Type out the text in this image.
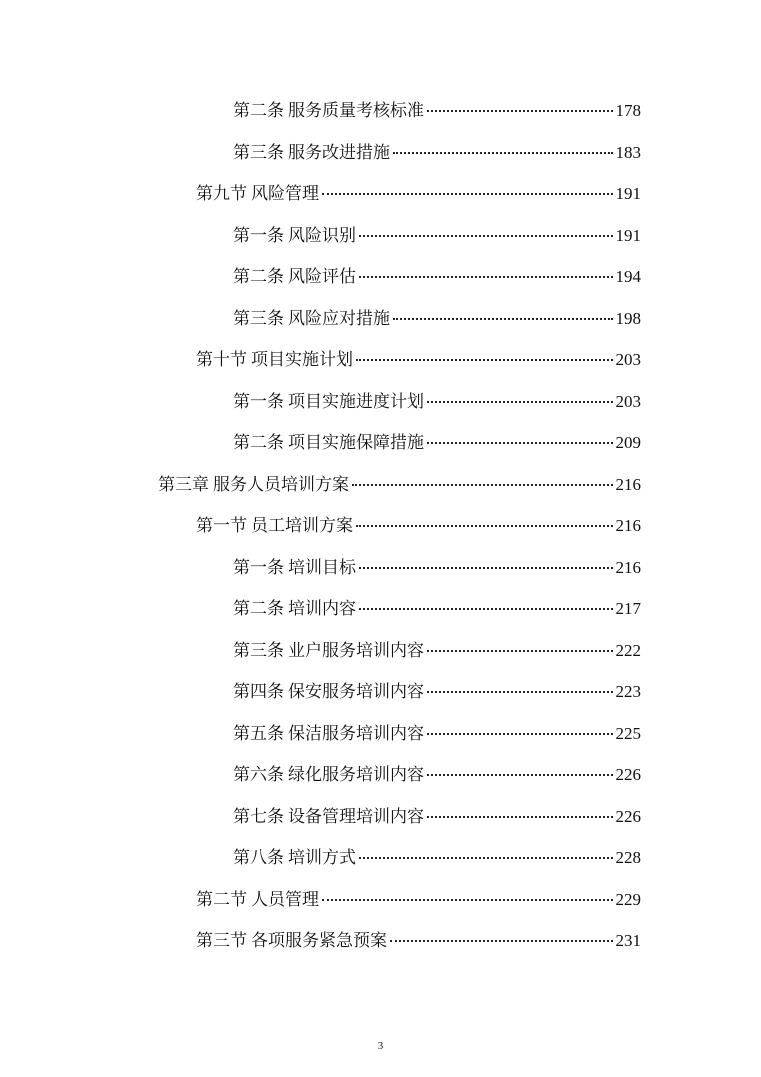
第二条 服务质量考核标准	178
第三条 服务改进措施	183
第九节 风险管理	191
第一条 风险识别	191
第二条 风险评估	194
第三条 风险应对措施	198
第十节 项目实施计划	203
第一条 项目实施进度计划	203
第二条 项目实施保障措施	209
第三章 服务人员培训方案	216
第一节 员工培训方案	216
第一条 培训目标	216
第二条 培训内容	217
第三条 业户服务培训内容	222
第四条 保安服务培训内容	223
第五条 保洁服务培训内容	225
第六条 绿化服务培训内容	226
第七条 设备管理培训内容	226
第八条 培训方式	228
第二节 人员管理	229
第三节 各项服务紧急预案	231
3
